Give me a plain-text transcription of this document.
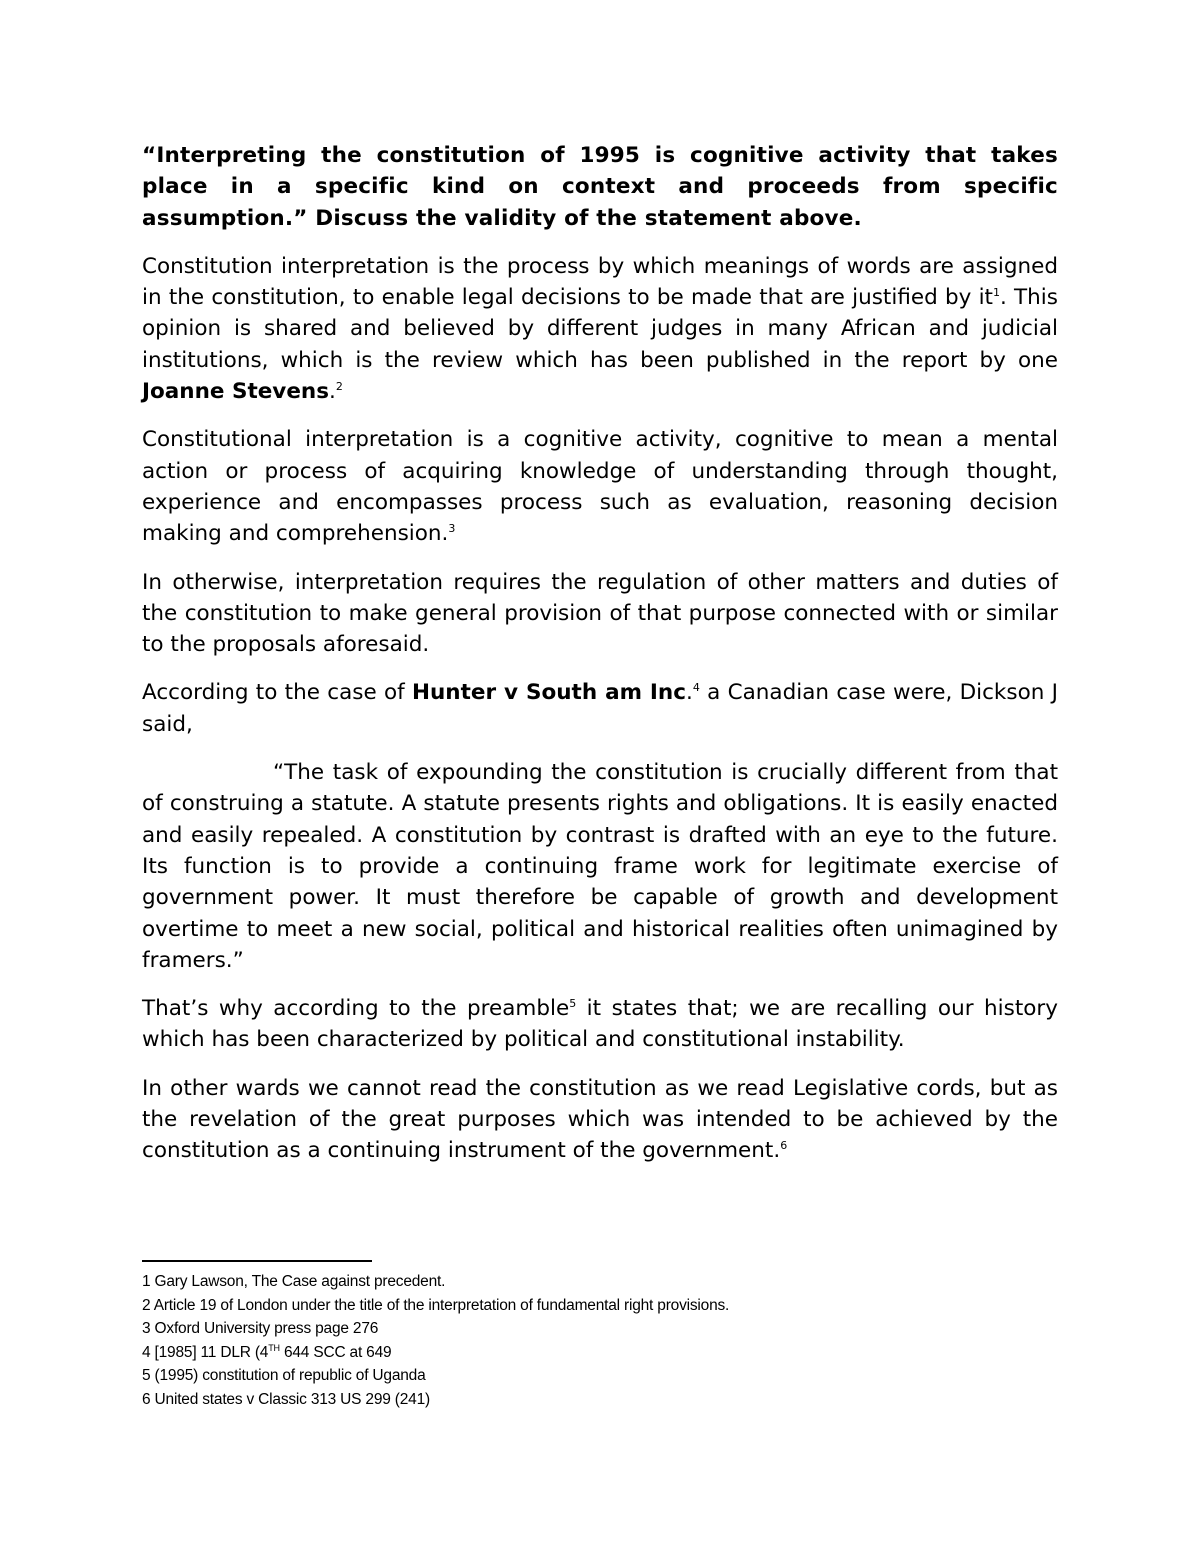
“Interpreting the constitution of 1995 is cognitive activity that takes place in a specific kind on context and proceeds from specific assumption.” Discuss the validity of the statement above.

Constitution interpretation is the process by which meanings of words are assigned in the constitution, to enable legal decisions to be made that are justified by $it^1$. This opinion is shared and believed by different judges in many African and judicial institutions, which is the review which has been published in the report by one Joanne Stevens.$^2$

Constitutional interpretation is a cognitive activity, cognitive to mean a mental action or process of acquiring knowledge of understanding through thought, experience and encompasses process such as evaluation, reasoning decision making and comprehension.$^3$

In otherwise, interpretation requires the regulation of other matters and duties of the constitution to make general provision of that purpose connected with or similar to the proposals aforesaid.

According to the case of Hunter v South am Inc.$^4$ a Canadian case were, Dickson J said,

“The task of expounding the constitution is crucially different from that of construing a statute. A statute presents rights and obligations. It is easily enacted and easily repealed. A constitution by contrast is drafted with an eye to the future. Its function is to provide a continuing frame work for legitimate exercise of government power. It must therefore be capable of growth and development overtime to meet a new social, political and historical realities often unimagined by framers.”

That’s why according to the preamble$^5$ it states that; we are recalling our history which has been characterized by political and constitutional instability.

In other wards we cannot read the constitution as we read Legislative cords, but as the revelation of the great purposes which was intended to be achieved by the constitution as a continuing instrument of the government.$^6$

1 Gary Lawson, The Case against precedent.

2 Article 19 of London under the title of the interpretation of fundamental right provisions.

3 Oxford University press page 276

4 [1985] 11 DLR (4TH 644 SCC at 649

5 (1995) constitution of republic of Uganda

6 United states v Classic 313 US 299 (241)
